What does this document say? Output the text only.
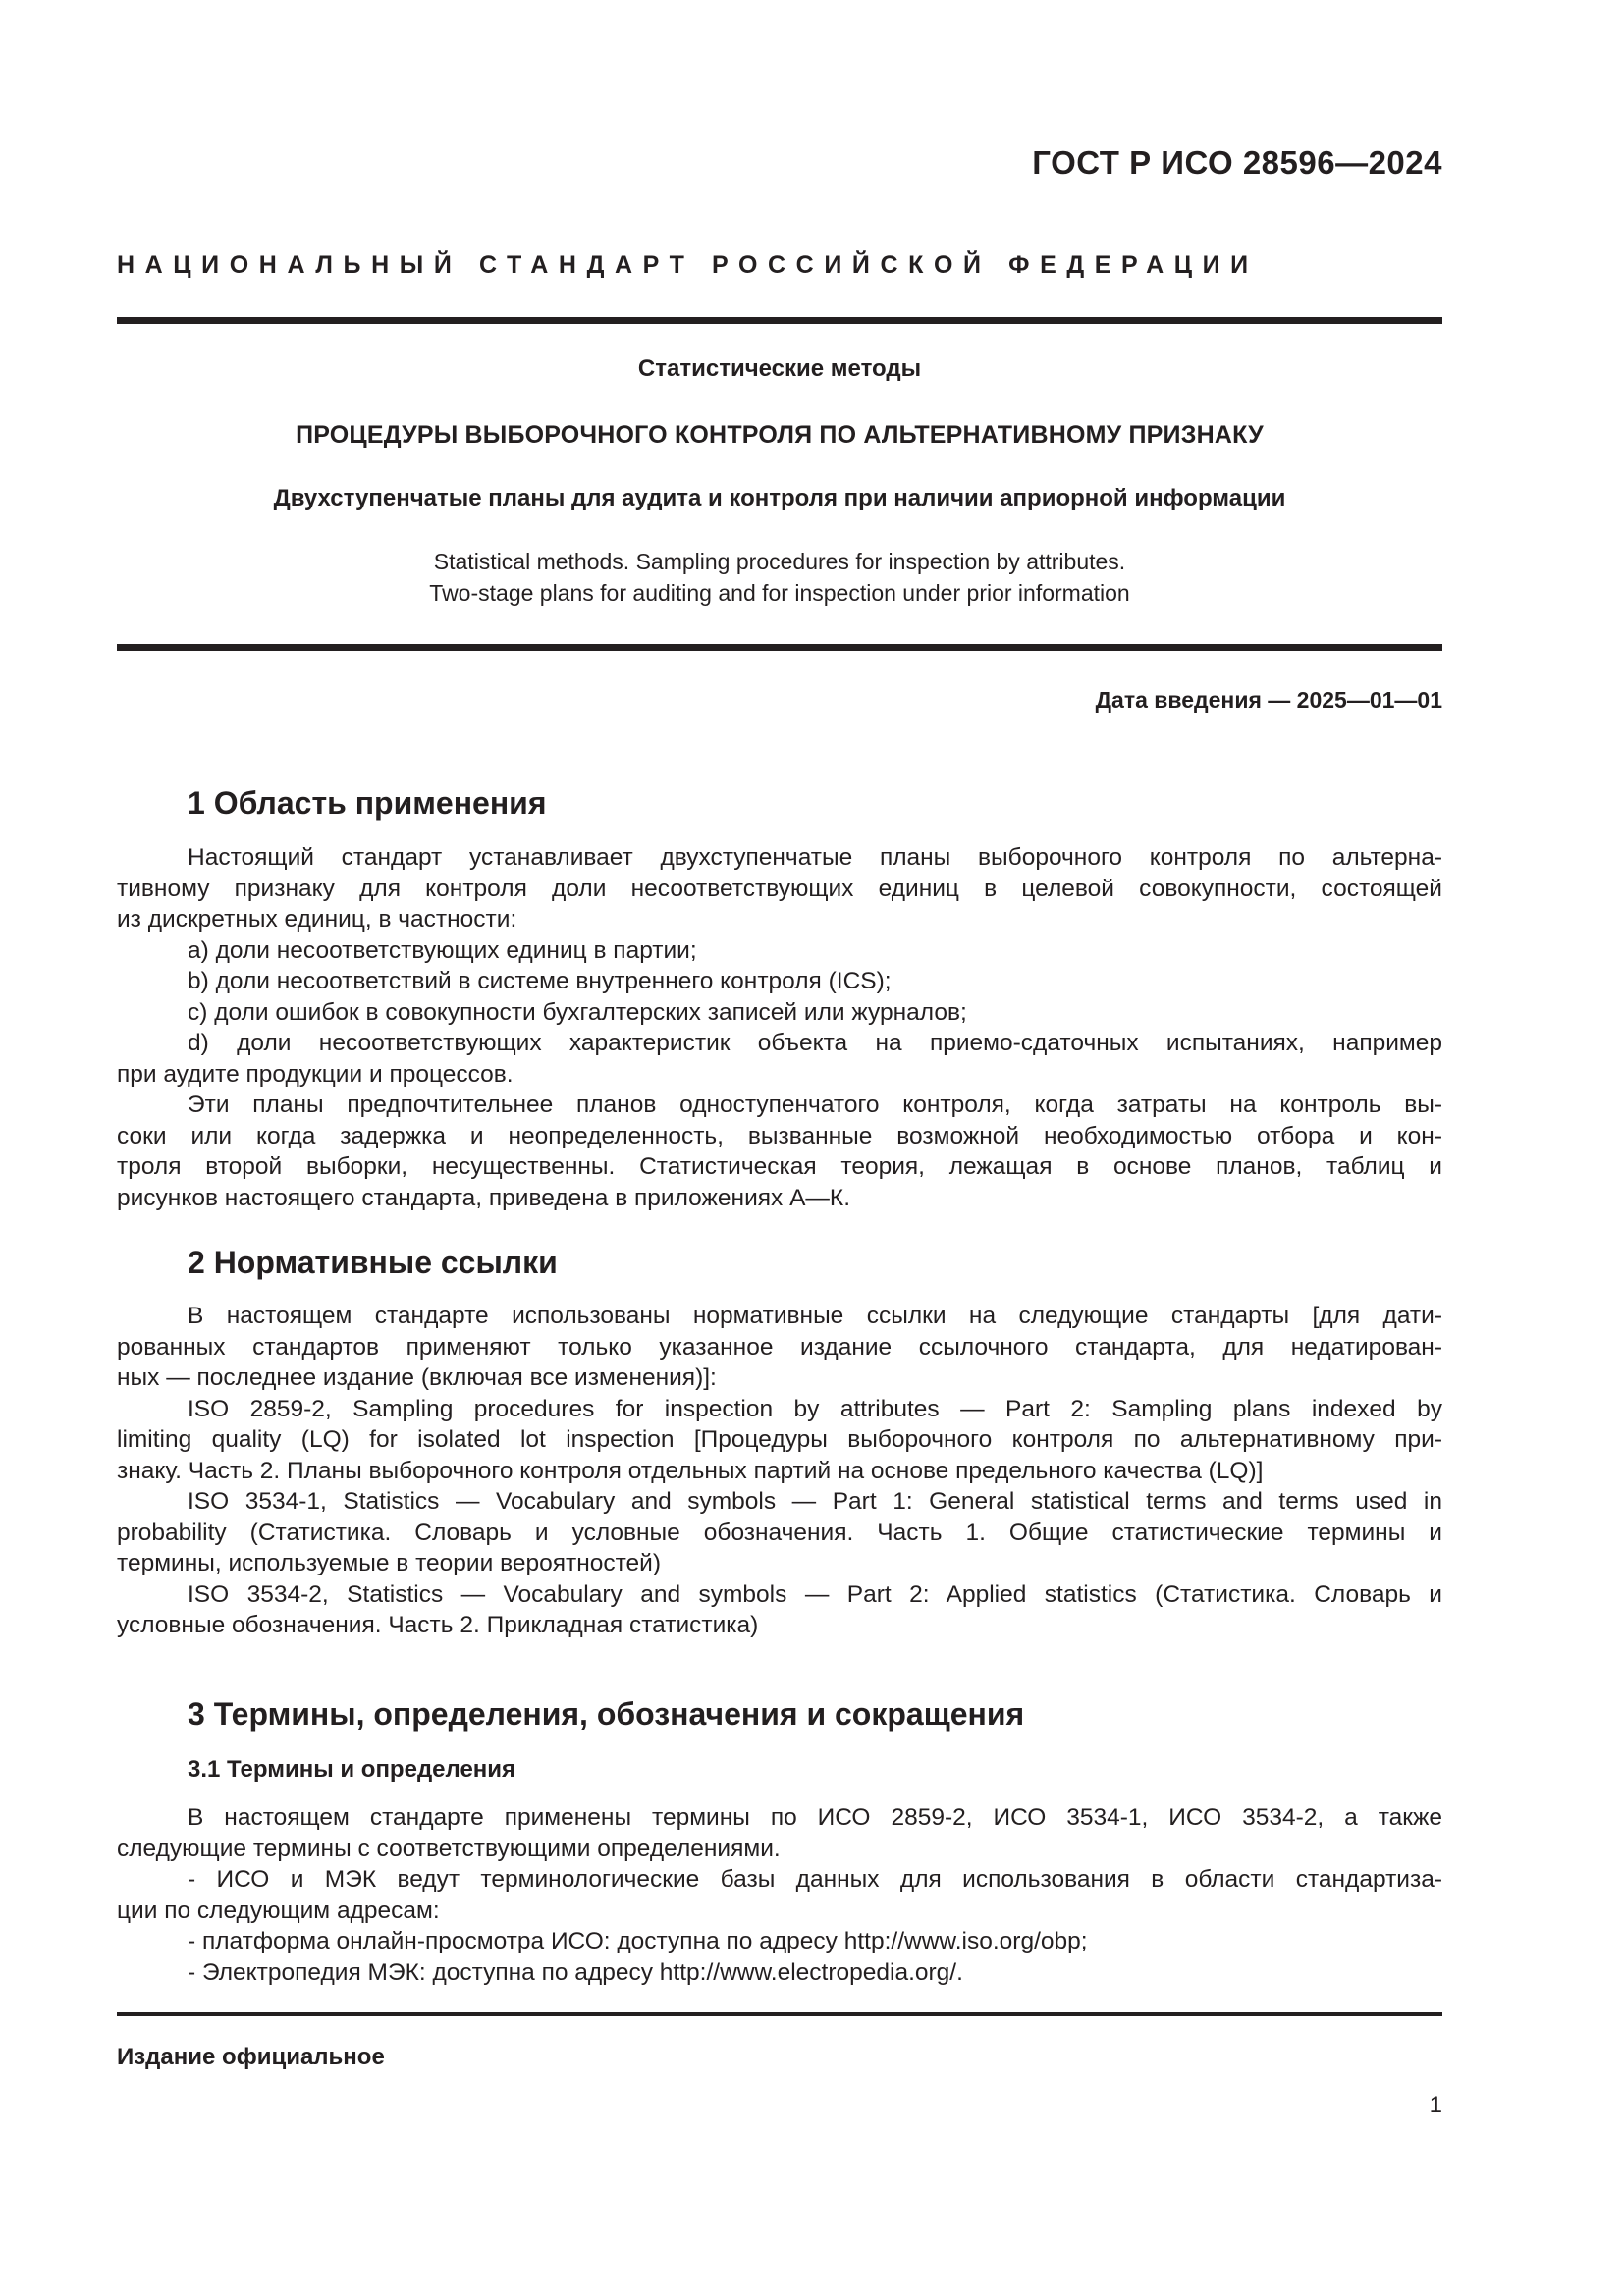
ГОСТ Р ИСО 28596—2024
НАЦИОНАЛЬНЫЙ СТАНДАРТ РОССИЙСКОЙ ФЕДЕРАЦИИ
Статистические методы
ПРОЦЕДУРЫ ВЫБОРОЧНОГО КОНТРОЛЯ ПО АЛЬТЕРНАТИВНОМУ ПРИЗНАКУ
Двухступенчатые планы для аудита и контроля при наличии априорной информации
Statistical methods. Sampling procedures for inspection by attributes.
Two-stage plans for auditing and for inspection under prior information
Дата введения — 2025—01—01
1 Область применения
Настоящий стандарт устанавливает двухступенчатые планы выборочного контроля по альтерна-
тивному признаку для контроля доли несоответствующих единиц в целевой совокупности, состоящей
из дискретных единиц, в частности:
a) доли несоответствующих единиц в партии;
b) доли несоответствий в системе внутреннего контроля (ICS);
c) доли ошибок в совокупности бухгалтерских записей или журналов;
d) доли несоответствующих характеристик объекта на приемо-сдаточных испытаниях, например
при аудите продукции и процессов.
Эти планы предпочтительнее планов одноступенчатого контроля, когда затраты на контроль вы-
соки или когда задержка и неопределенность, вызванные возможной необходимостью отбора и кон-
троля второй выборки, несущественны. Статистическая теория, лежащая в основе планов, таблиц и
рисунков настоящего стандарта, приведена в приложениях А—К.
2 Нормативные ссылки
В настоящем стандарте использованы нормативные ссылки на следующие стандарты [для дати-
рованных стандартов применяют только указанное издание ссылочного стандарта, для недатирован-
ных — последнее издание (включая все изменения)]:
ISO 2859-2, Sampling procedures for inspection by attributes — Part 2: Sampling plans indexed by
limiting quality (LQ) for isolated lot inspection [Процедуры выборочного контроля по альтернативному при-
знаку. Часть 2. Планы выборочного контроля отдельных партий на основе предельного качества (LQ)]
ISO 3534-1, Statistics — Vocabulary and symbols — Part 1: General statistical terms and terms used in
probability (Статистика. Словарь и условные обозначения. Часть 1. Общие статистические термины и
термины, используемые в теории вероятностей)
ISO 3534-2, Statistics — Vocabulary and symbols — Part 2: Applied statistics (Статистика. Словарь и
условные обозначения. Часть 2. Прикладная статистика)
3 Термины, определения, обозначения и сокращения
3.1 Термины и определения
В настоящем стандарте применены термины по ИСО 2859-2, ИСО 3534-1, ИСО 3534-2, а также
следующие термины с соответствующими определениями.
- ИСО и МЭК ведут терминологические базы данных для использования в области стандартиза-
ции по следующим адресам:
- платформа онлайн-просмотра ИСО: доступна по адресу http://www.iso.org/obp;
- Электропедия МЭК: доступна по адресу http://www.electropedia.org/.
Издание официальное
1
